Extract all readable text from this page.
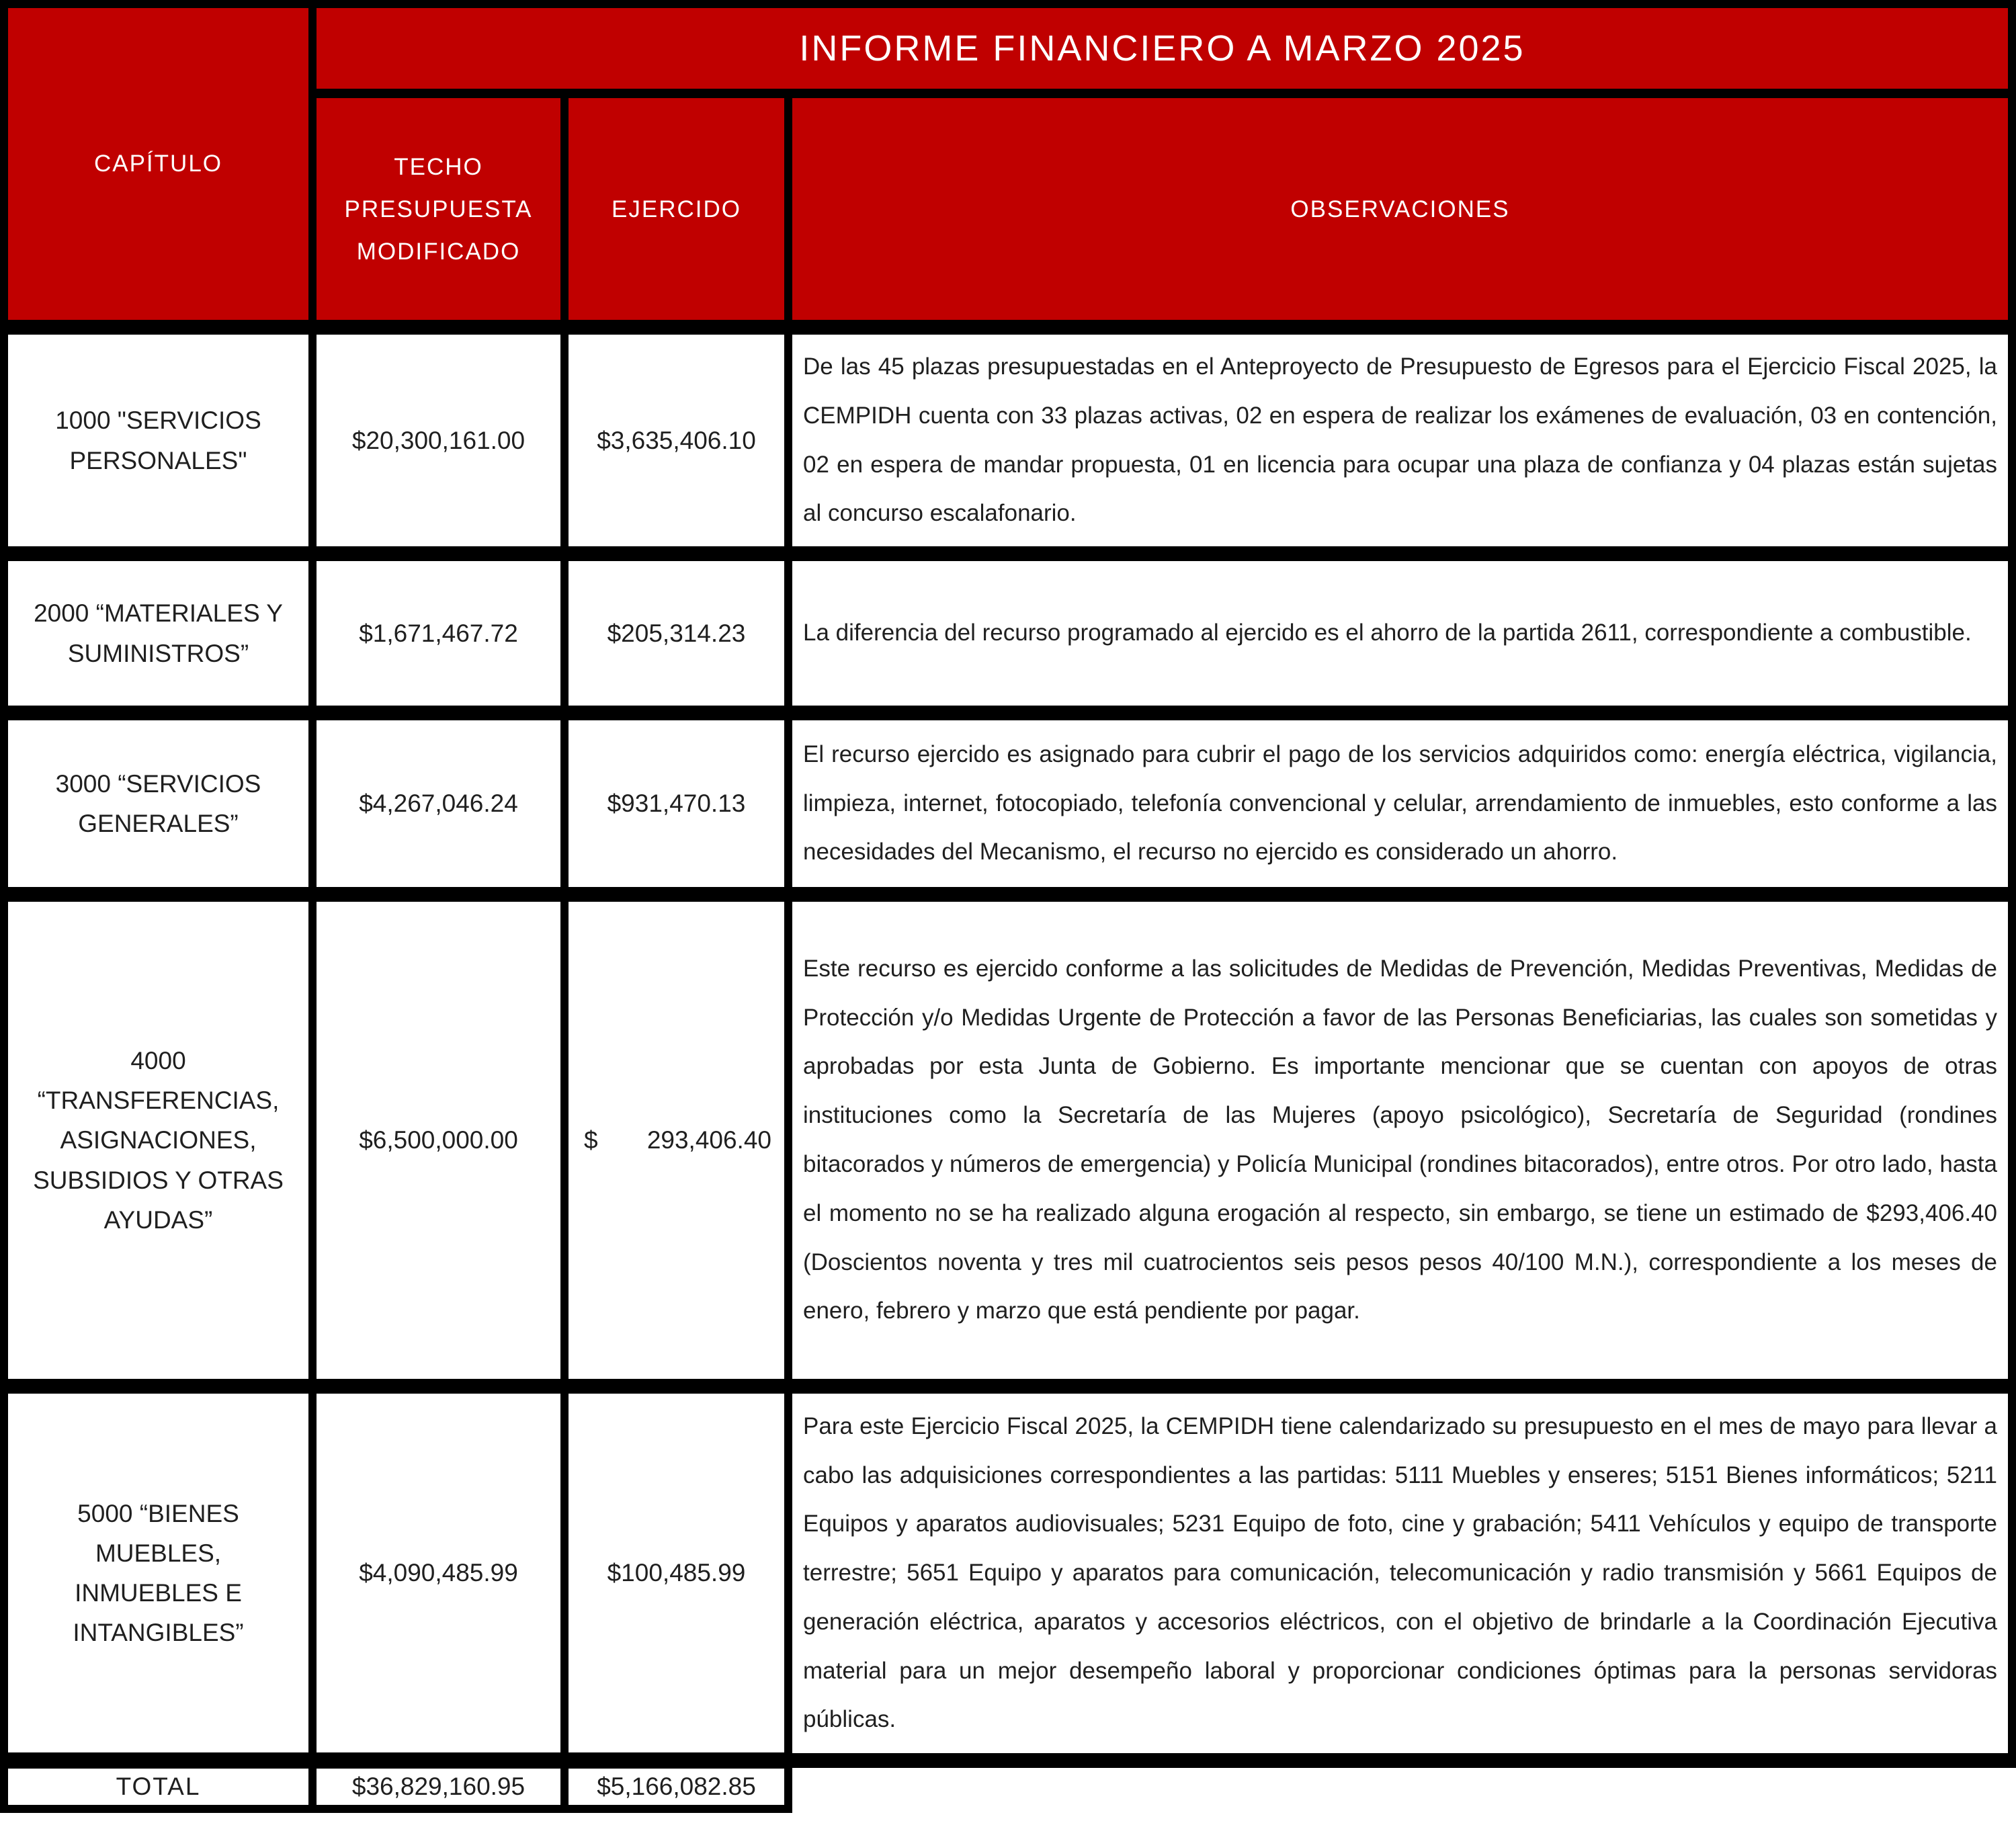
CAPÍTULO	INFORME FINANCIERO A MARZO 2025		
	TECHO PRESUPUESTA MODIFICADO	EJERCIDO	OBSERVACIONES
1000 "SERVICIOS PERSONALES"	$20,300,161.00	$3,635,406.10	De las 45 plazas presupuestadas en el Anteproyecto de Presupuesto de Egresos para el Ejercicio Fiscal 2025, la CEMPIDH cuenta con 33 plazas activas, 02 en espera de realizar los exámenes de evaluación, 03 en contención, 02 en espera de mandar propuesta, 01 en licencia para ocupar una plaza de confianza y 04 plazas están sujetas al concurso escalafonario.
2000 “MATERIALES Y SUMINISTROS”	$1,671,467.72	$205,314.23	La diferencia del recurso programado al ejercido es el ahorro de la partida 2611, correspondiente a combustible.
3000 “SERVICIOS GENERALES”	$4,267,046.24	$931,470.13	El recurso ejercido es asignado para cubrir el pago de los servicios adquiridos como: energía eléctrica, vigilancia, limpieza, internet, fotocopiado, telefonía convencional y celular, arrendamiento de inmuebles, esto conforme a las necesidades del Mecanismo, el recurso no ejercido es considerado un ahorro.
4000 “TRANSFERENCIAS, ASIGNACIONES, SUBSIDIOS Y OTRAS AYUDAS”	$6,500,000.00	$ 293,406.40	Este recurso es ejercido conforme a las solicitudes de Medidas de Prevención, Medidas Preventivas, Medidas de Protección y/o Medidas Urgente de Protección a favor de las Personas Beneficiarias, las cuales son sometidas y aprobadas por esta Junta de Gobierno. Es importante mencionar que se cuentan con apoyos de otras instituciones como la Secretaría de las Mujeres (apoyo psicológico), Secretaría de Seguridad (rondines bitacorados y números de emergencia) y Policía Municipal (rondines bitacorados), entre otros. Por otro lado, hasta el momento no se ha realizado alguna erogación al respecto, sin embargo, se tiene un estimado de $293,406.40 (Doscientos noventa y tres mil cuatrocientos seis pesos pesos 40/100 M.N.), correspondiente a los meses de enero, febrero y marzo que está pendiente por pagar.
5000 “BIENES MUEBLES, INMUEBLES E INTANGIBLES”	$4,090,485.99	$100,485.99	Para este Ejercicio Fiscal 2025, la CEMPIDH tiene calendarizado su presupuesto en el mes de mayo para llevar a cabo las adquisiciones correspondientes a las partidas: 5111 Muebles y enseres; 5151 Bienes informáticos; 5211 Equipos y aparatos audiovisuales; 5231 Equipo de foto, cine y grabación; 5411 Vehículos y equipo de transporte terrestre; 5651 Equipo y aparatos para comunicación, telecomunicación y radio transmisión y 5661 Equipos de generación eléctrica, aparatos y accesorios eléctricos, con el objetivo de brindarle a la Coordinación Ejecutiva material para un mejor desempeño laboral y proporcionar condiciones óptimas para la personas servidoras públicas.
TOTAL	$36,829,160.95	$5,166,082.85	
